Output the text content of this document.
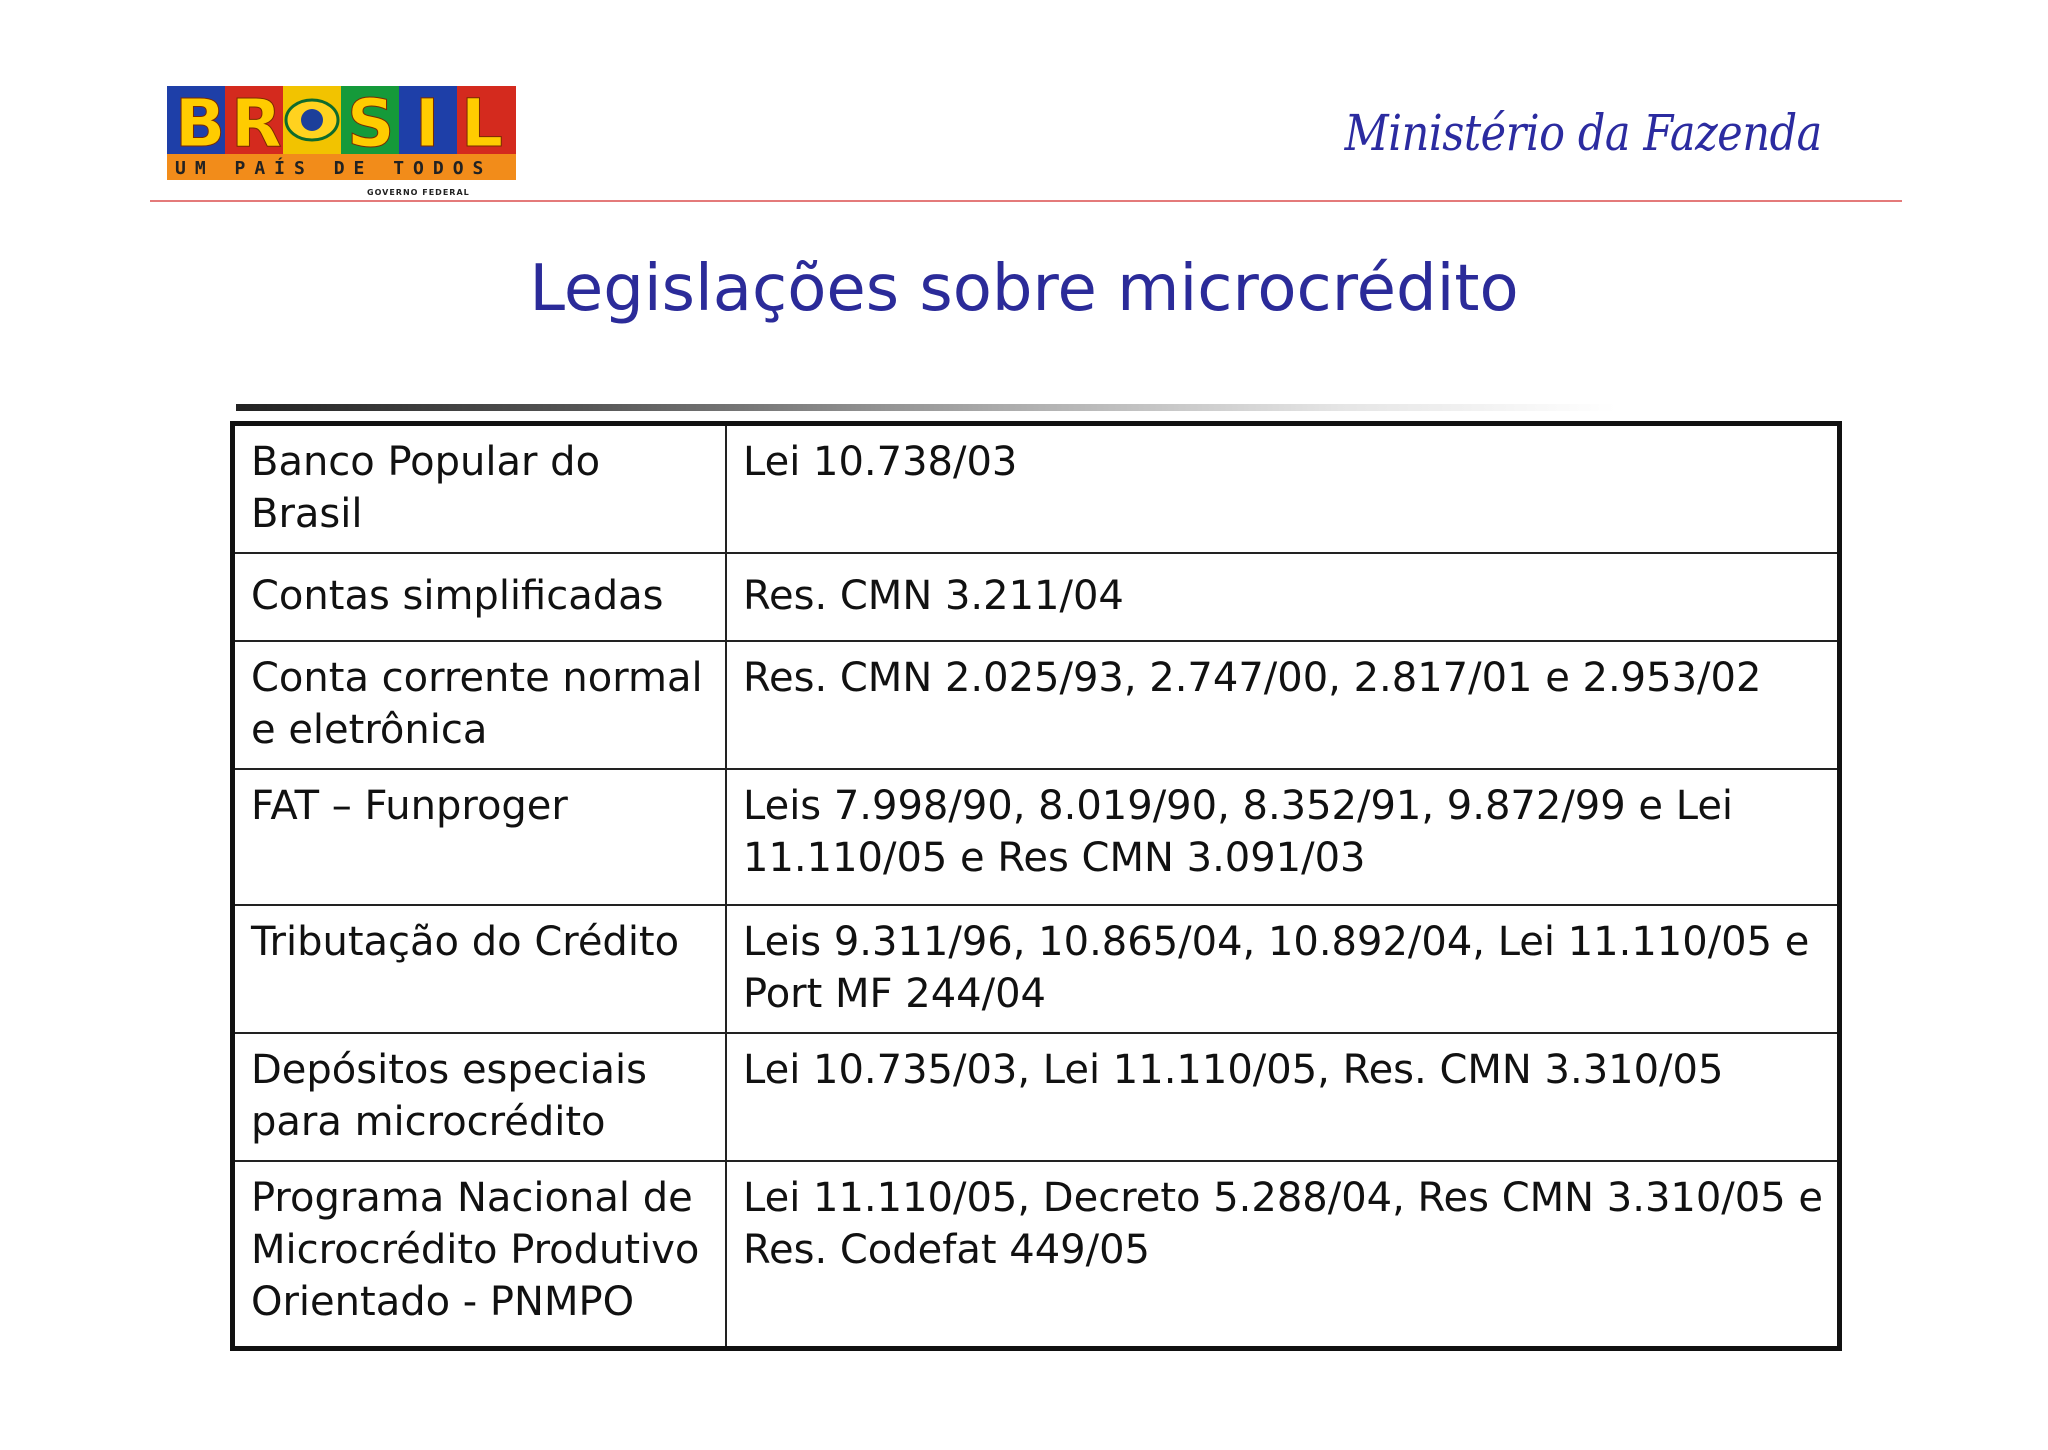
B R S I L
UM PAÍS DE TODOS
GOVERNO FEDERAL
Ministério da Fazenda
Legislações sobre microcrédito
Banco Popular do Brasil	Lei 10.738/03
Contas simplificadas	Res. CMN 3.211/04
Conta corrente normal e eletrônica	Res. CMN 2.025/93, 2.747/00, 2.817/01 e 2.953/02
FAT – Funproger	Leis 7.998/90, 8.019/90, 8.352/91, 9.872/99 e Lei 11.110/05 e Res CMN 3.091/03
Tributação do Crédito	Leis 9.311/96, 10.865/04, 10.892/04, Lei 11.110/05 e Port MF 244/04
Depósitos especiais para microcrédito	Lei 10.735/03, Lei 11.110/05, Res. CMN 3.310/05
Programa Nacional de Microcrédito Produtivo Orientado - PNMPO	Lei 11.110/05, Decreto 5.288/04, Res CMN 3.310/05 e Res. Codefat 449/05
